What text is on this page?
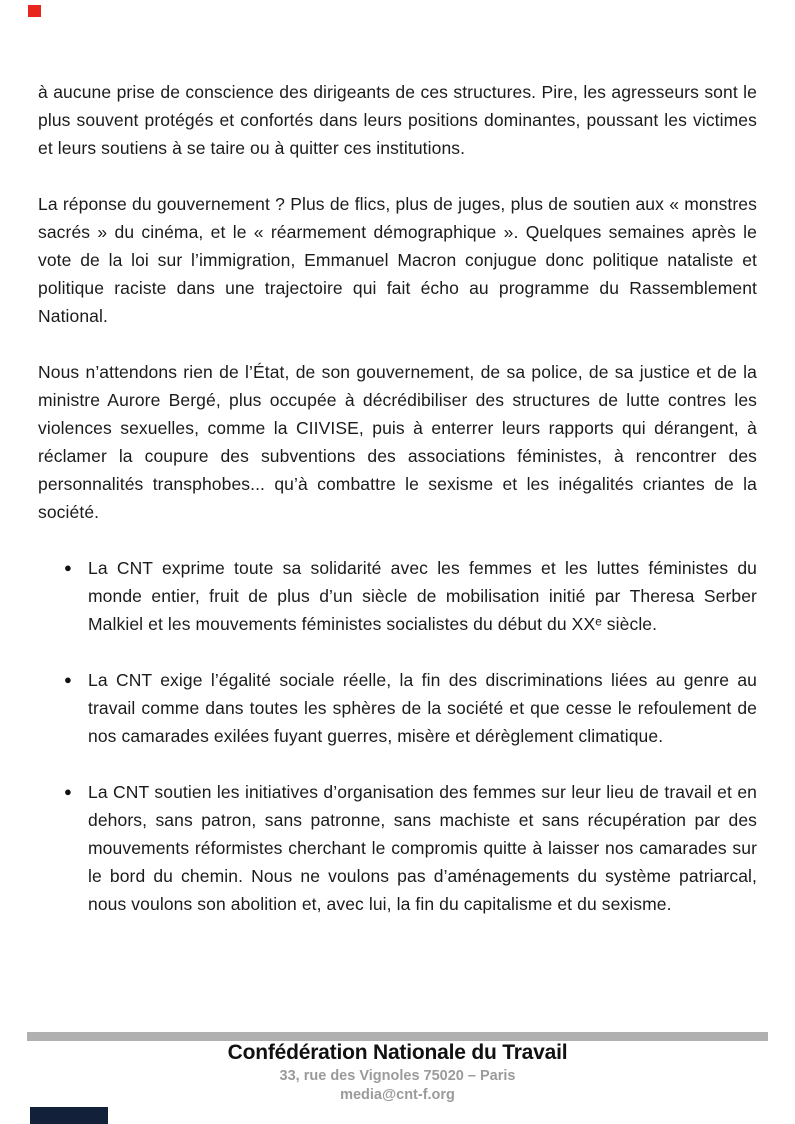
à aucune prise de conscience des dirigeants de ces structures. Pire, les agresseurs sont le plus souvent protégés et confortés dans leurs positions dominantes, poussant les victimes et leurs soutiens à se taire ou à quitter ces institutions.

La réponse du gouvernement ? Plus de flics, plus de juges, plus de soutien aux « monstres sacrés » du cinéma, et le « réarmement démographique ». Quelques semaines après le vote de la loi sur l’immigration, Emmanuel Macron conjugue donc politique nataliste et politique raciste dans une trajectoire qui fait écho au programme du Rassemblement National.

Nous n’attendons rien de l’État, de son gouvernement, de sa police, de sa justice et de la ministre Aurore Bergé, plus occupée à décrédibiliser des structures de lutte contres les violences sexuelles, comme la CIIVISE, puis à enterrer leurs rapports qui dérangent, à réclamer la coupure des subventions des associations féministes, à rencontrer des personnalités transphobes... qu’à combattre le sexisme et les inégalités criantes de la société.

● La CNT exprime toute sa solidarité avec les femmes et les luttes féministes du monde entier, fruit de plus d’un siècle de mobilisation initié par Theresa Serber Malkiel et les mouvements féministes socialistes du début du XXᵉ siècle.
● La CNT exige l’égalité sociale réelle, la fin des discriminations liées au genre au travail comme dans toutes les sphères de la société et que cesse le refoulement de nos camarades exilées fuyant guerres, misère et dérèglement climatique.
● La CNT soutien les initiatives d’organisation des femmes sur leur lieu de travail et en dehors, sans patron, sans patronne, sans machiste et sans récupération par des mouvements réformistes cherchant le compromis quitte à laisser nos camarades sur le bord du chemin. Nous ne voulons pas d’aménagements du système patriarcal, nous voulons son abolition et, avec lui, la fin du capitalisme et du sexisme.
Confédération Nationale du Travail
33, rue des Vignoles 75020 – Paris
media@cnt-f.org
